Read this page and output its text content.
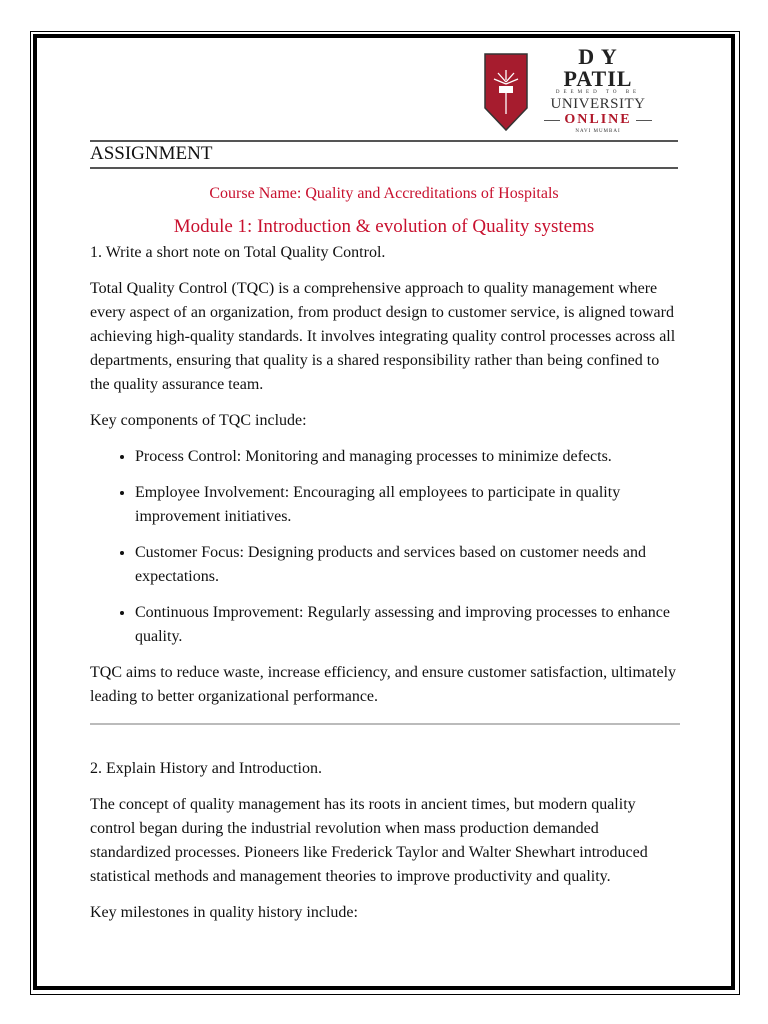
D Y PATIL
DEEMED TO BE
UNIVERSITY
ONLINE
NAVI MUMBAI
ASSIGNMENT
Course Name: Quality and Accreditations of Hospitals
Module 1: Introduction & evolution of Quality systems

1. Write a short note on Total Quality Control.

Total Quality Control (TQC) is a comprehensive approach to quality management where every aspect of an organization, from product design to customer service, is aligned toward achieving high-quality standards. It involves integrating quality control processes across all departments, ensuring that quality is a shared responsibility rather than being confined to the quality assurance team.

Key components of TQC include:

• Process Control: Monitoring and managing processes to minimize defects.
• Employee Involvement: Encouraging all employees to participate in quality improvement initiatives.
• Customer Focus: Designing products and services based on customer needs and expectations.
• Continuous Improvement: Regularly assessing and improving processes to enhance quality.

TQC aims to reduce waste, increase efficiency, and ensure customer satisfaction, ultimately leading to better organizational performance.

2. Explain History and Introduction.

The concept of quality management has its roots in ancient times, but modern quality control began during the industrial revolution when mass production demanded standardized processes. Pioneers like Frederick Taylor and Walter Shewhart introduced statistical methods and management theories to improve productivity and quality.

Key milestones in quality history include:
